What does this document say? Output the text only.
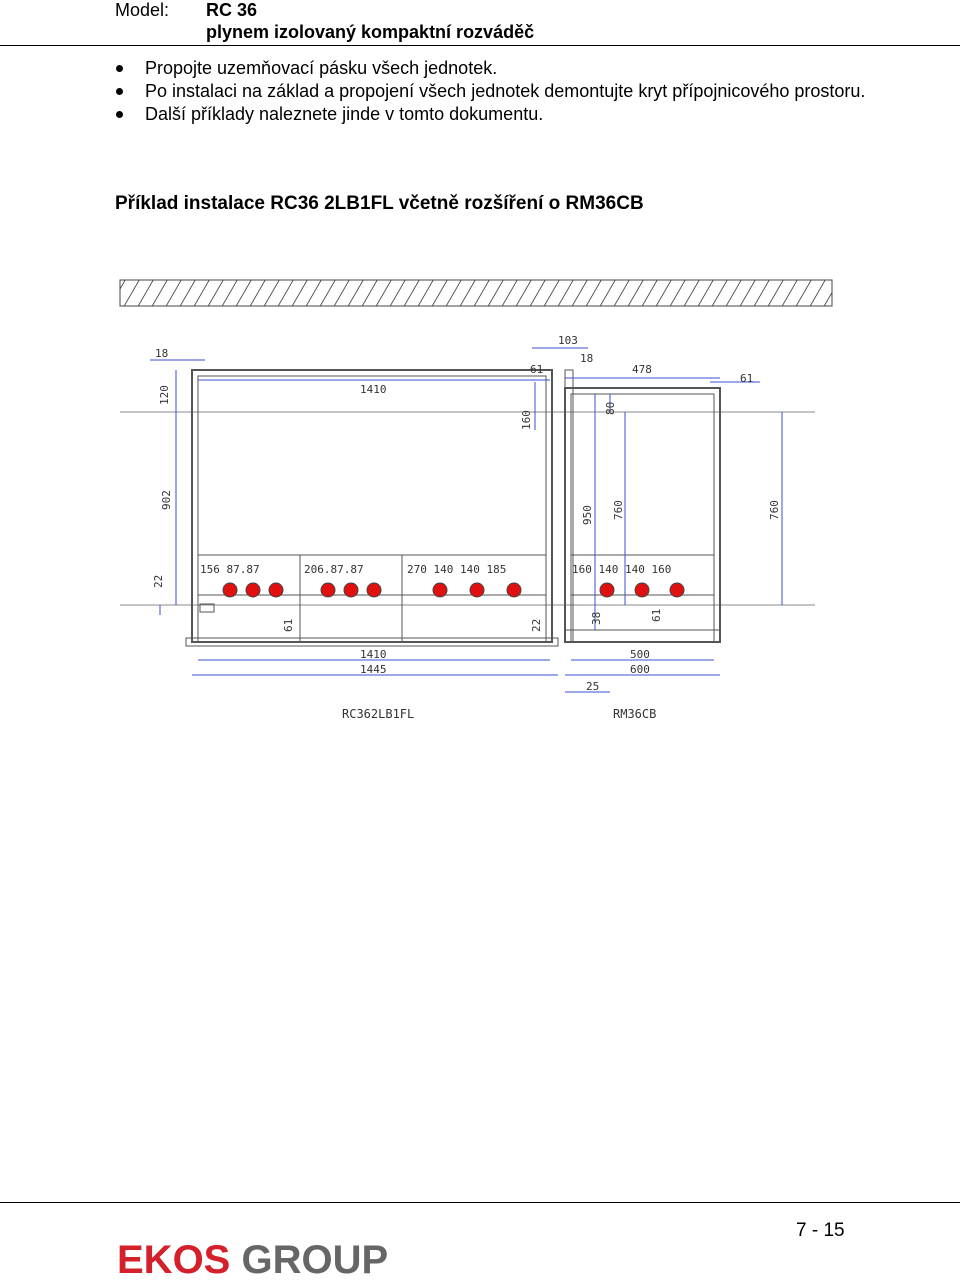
Model: RC 36
plynem izolovaný kompaktní rozváděč
Propojte uzemňovací pásku všech jednotek.
Po instalaci na základ a propojení všech jednotek demontujte kryt přípojnicového prostoru.
Další příklady naleznete jinde v tomto dokumentu.
Příklad instalace RC36 2LB1FL včetně rozšíření o RM36CB
18
120
902
22
1410
61
103
18
478
61
160
80
950 760	760
156 87.87	206.87.87	270 140 140 185	160 140 140 160
61	22
38	61
1410
1445
500
600
25
RC362LB1FL	RM36CB
7 - 15
EKOS GROUP
